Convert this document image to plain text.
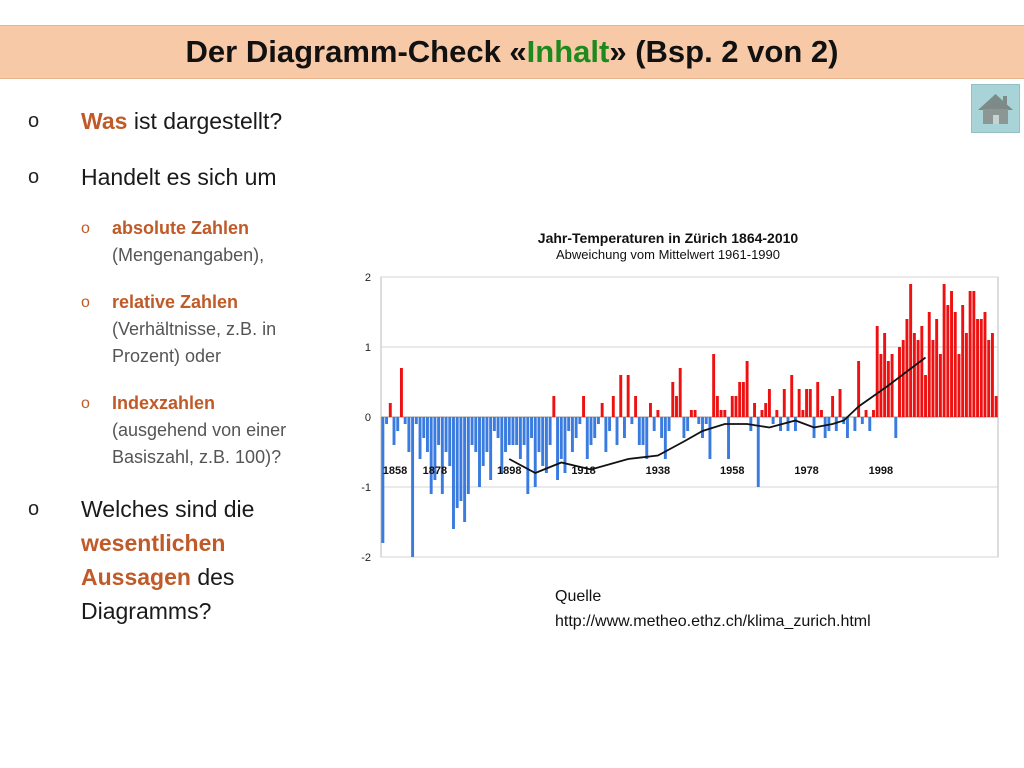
Der Diagramm-Check « Inhalt » (Bsp. 2 von 2)
o Was ist dargestellt?
o Handelt es sich um
o absolute Zahlen
(Mengenangaben),
o relative Zahlen
(Verhältnisse, z.B. in Prozent) oder
o Indexzahlen
(ausgehend von einer Basiszahl, z.B. 100)?
o Welches sind die wesentlichen Aussagen des Diagramms?
Jahr-Temperaturen in Zürich 1864-2010
Abweichung vom Mittelwert 1961-1990
1858 1878	1898	1918	1938	1958	1978	1998
-2
-1
0
1
2
Quelle
http://www.metheo.ethz.ch/klima_zurich.html
